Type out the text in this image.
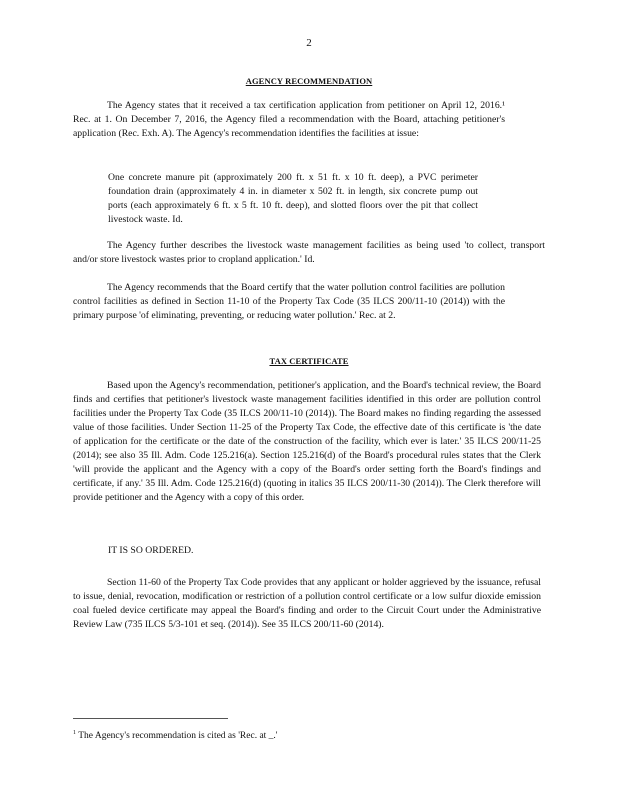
2
AGENCY RECOMMENDATION

The Agency states that it received a tax certification application from petitioner on April 12, 2016.¹ Rec. at 1. On December 7, 2016, the Agency filed a recommendation with the Board, attaching petitioner's application (Rec. Exh. A). The Agency's recommendation identifies the facilities at issue:

One concrete manure pit (approximately 200 ft. x 51 ft. x 10 ft. deep), a PVC perimeter foundation drain (approximately 4 in. in diameter x 502 ft. in length, six concrete pump out ports (each approximately 6 ft. x 5 ft. 10 ft. deep), and slotted floors over the pit that collect livestock waste. Id.

The Agency further describes the livestock waste management facilities as being used 'to collect, transport and/or store livestock wastes prior to cropland application.' Id.

The Agency recommends that the Board certify that the water pollution control facilities are pollution control facilities as defined in Section 11-10 of the Property Tax Code (35 ILCS 200/11-10 (2014)) with the primary purpose 'of eliminating, preventing, or reducing water pollution.' Rec. at 2.

TAX CERTIFICATE

Based upon the Agency's recommendation, petitioner's application, and the Board's technical review, the Board finds and certifies that petitioner's livestock waste management facilities identified in this order are pollution control facilities under the Property Tax Code (35 ILCS 200/11-10 (2014)). The Board makes no finding regarding the assessed value of those facilities. Under Section 11-25 of the Property Tax Code, the effective date of this certificate is 'the date of application for the certificate or the date of the construction of the facility, which ever is later.' 35 ILCS 200/11-25 (2014); see also 35 Ill. Adm. Code 125.216(a). Section 125.216(d) of the Board's procedural rules states that the Clerk 'will provide the applicant and the Agency with a copy of the Board's order setting forth the Board's findings and certificate, if any.' 35 Ill. Adm. Code 125.216(d) (quoting in italics 35 ILCS 200/11-30 (2014)). The Clerk therefore will provide petitioner and the Agency with a copy of this order.

IT IS SO ORDERED.

Section 11-60 of the Property Tax Code provides that any applicant or holder aggrieved by the issuance, refusal to issue, denial, revocation, modification or restriction of a pollution control certificate or a low sulfur dioxide emission coal fueled device certificate may appeal the Board's finding and order to the Circuit Court under the Administrative Review Law (735 ILCS 5/3-101 et seq. (2014)). See 35 ILCS 200/11-60 (2014).

$^1$ The Agency's recommendation is cited as 'Rec. at _.'
